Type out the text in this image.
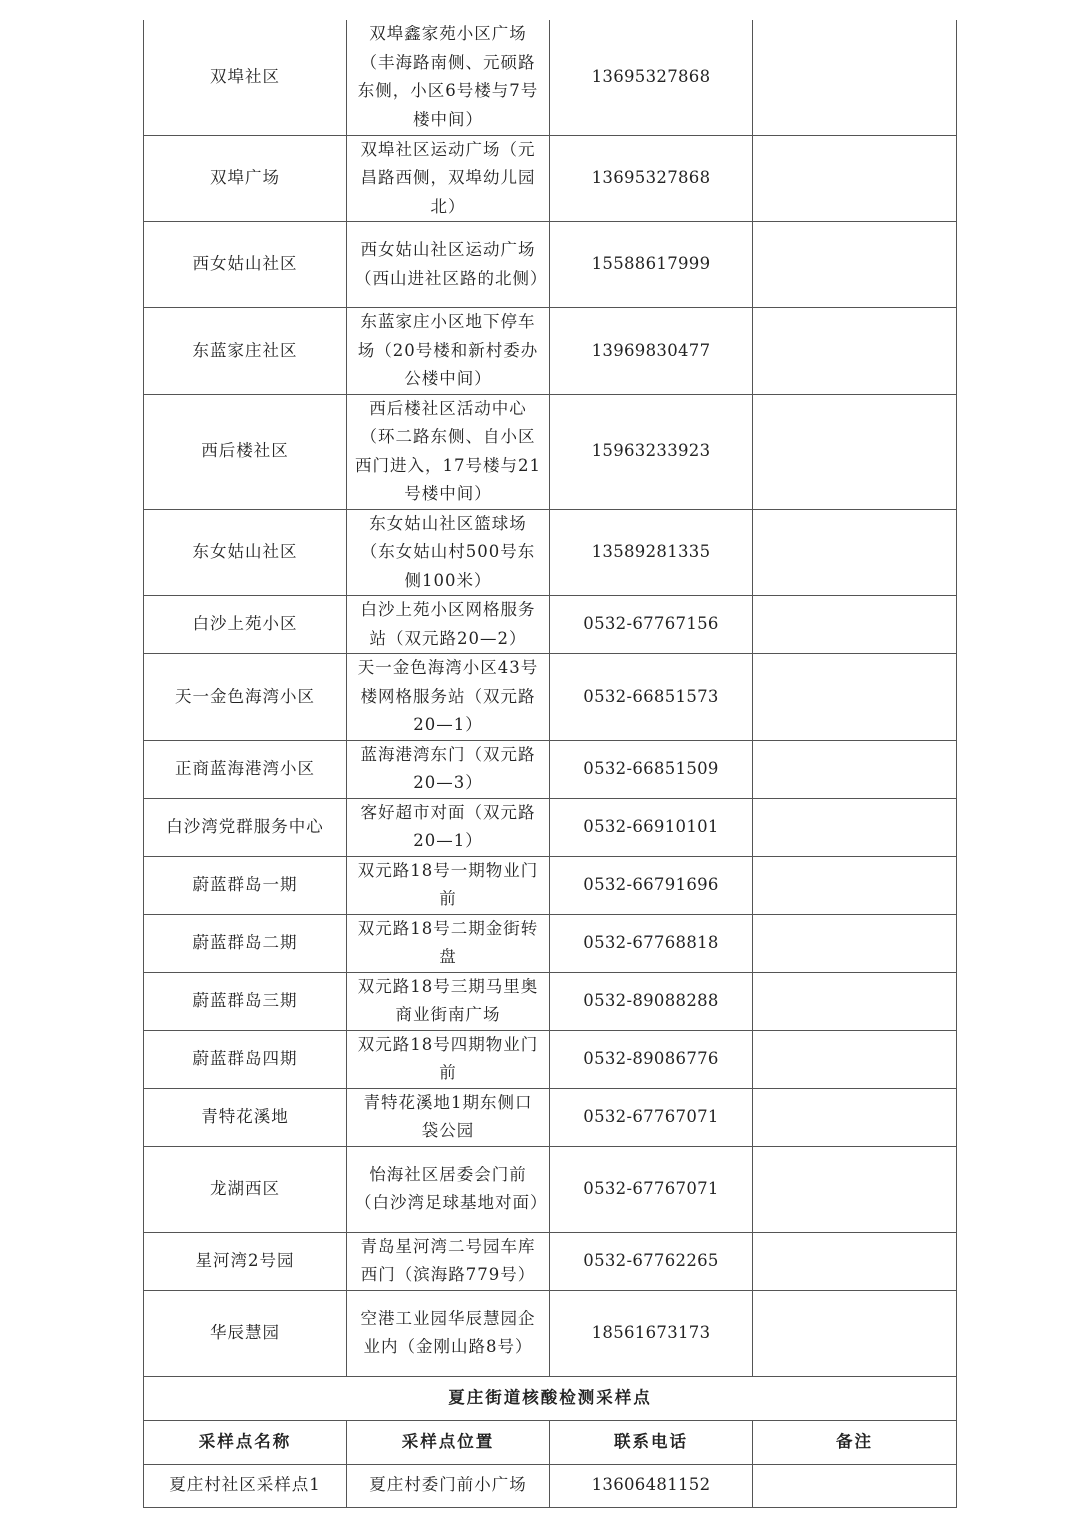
双埠社区	双埠鑫家苑小区广场（丰海路南侧、元硕路东侧，小区6号楼与7号楼中间）	13695327868	
双埠广场	双埠社区运动广场（元昌路西侧，双埠幼儿园北）	13695327868	
西女姑山社区	西女姑山社区运动广场（西山进社区路的北侧）	15588617999	
东蓝家庄社区	东蓝家庄小区地下停车场（20号楼和新村委办公楼中间）	13969830477	
西后楼社区	西后楼社区活动中心（环二路东侧、自小区西门进入，17号楼与21号楼中间）	15963233923	
东女姑山社区	东女姑山社区篮球场（东女姑山村500号东侧100米）	13589281335	
白沙上苑小区	白沙上苑小区网格服务站（双元路20—2）	0532-67767156	
天一金色海湾小区	天一金色海湾小区43号楼网格服务站（双元路20—1）	0532-66851573	
正商蓝海港湾小区	蓝海港湾东门（双元路20—3）	0532-66851509	
白沙湾党群服务中心	客好超市对面（双元路20—1）	0532-66910101	
蔚蓝群岛一期	双元路18号一期物业门前	0532-66791696	
蔚蓝群岛二期	双元路18号二期金街转盘	0532-67768818	
蔚蓝群岛三期	双元路18号三期马里奥商业街南广场	0532-89088288	
蔚蓝群岛四期	双元路18号四期物业门前	0532-89086776	
青特花溪地	青特花溪地1期东侧口袋公园	0532-67767071	
龙湖西区	怡海社区居委会门前（白沙湾足球基地对面）	0532-67767071	
星河湾2号园	青岛星河湾二号园车库西门（滨海路779号）	0532-67762265	
华辰慧园	空港工业园华辰慧园企业内（金刚山路8号）	18561673173	
夏庄街道核酸检测采样点			
采样点名称	采样点位置	联系电话	备注
夏庄村社区采样点1	夏庄村委门前小广场	13606481152	
